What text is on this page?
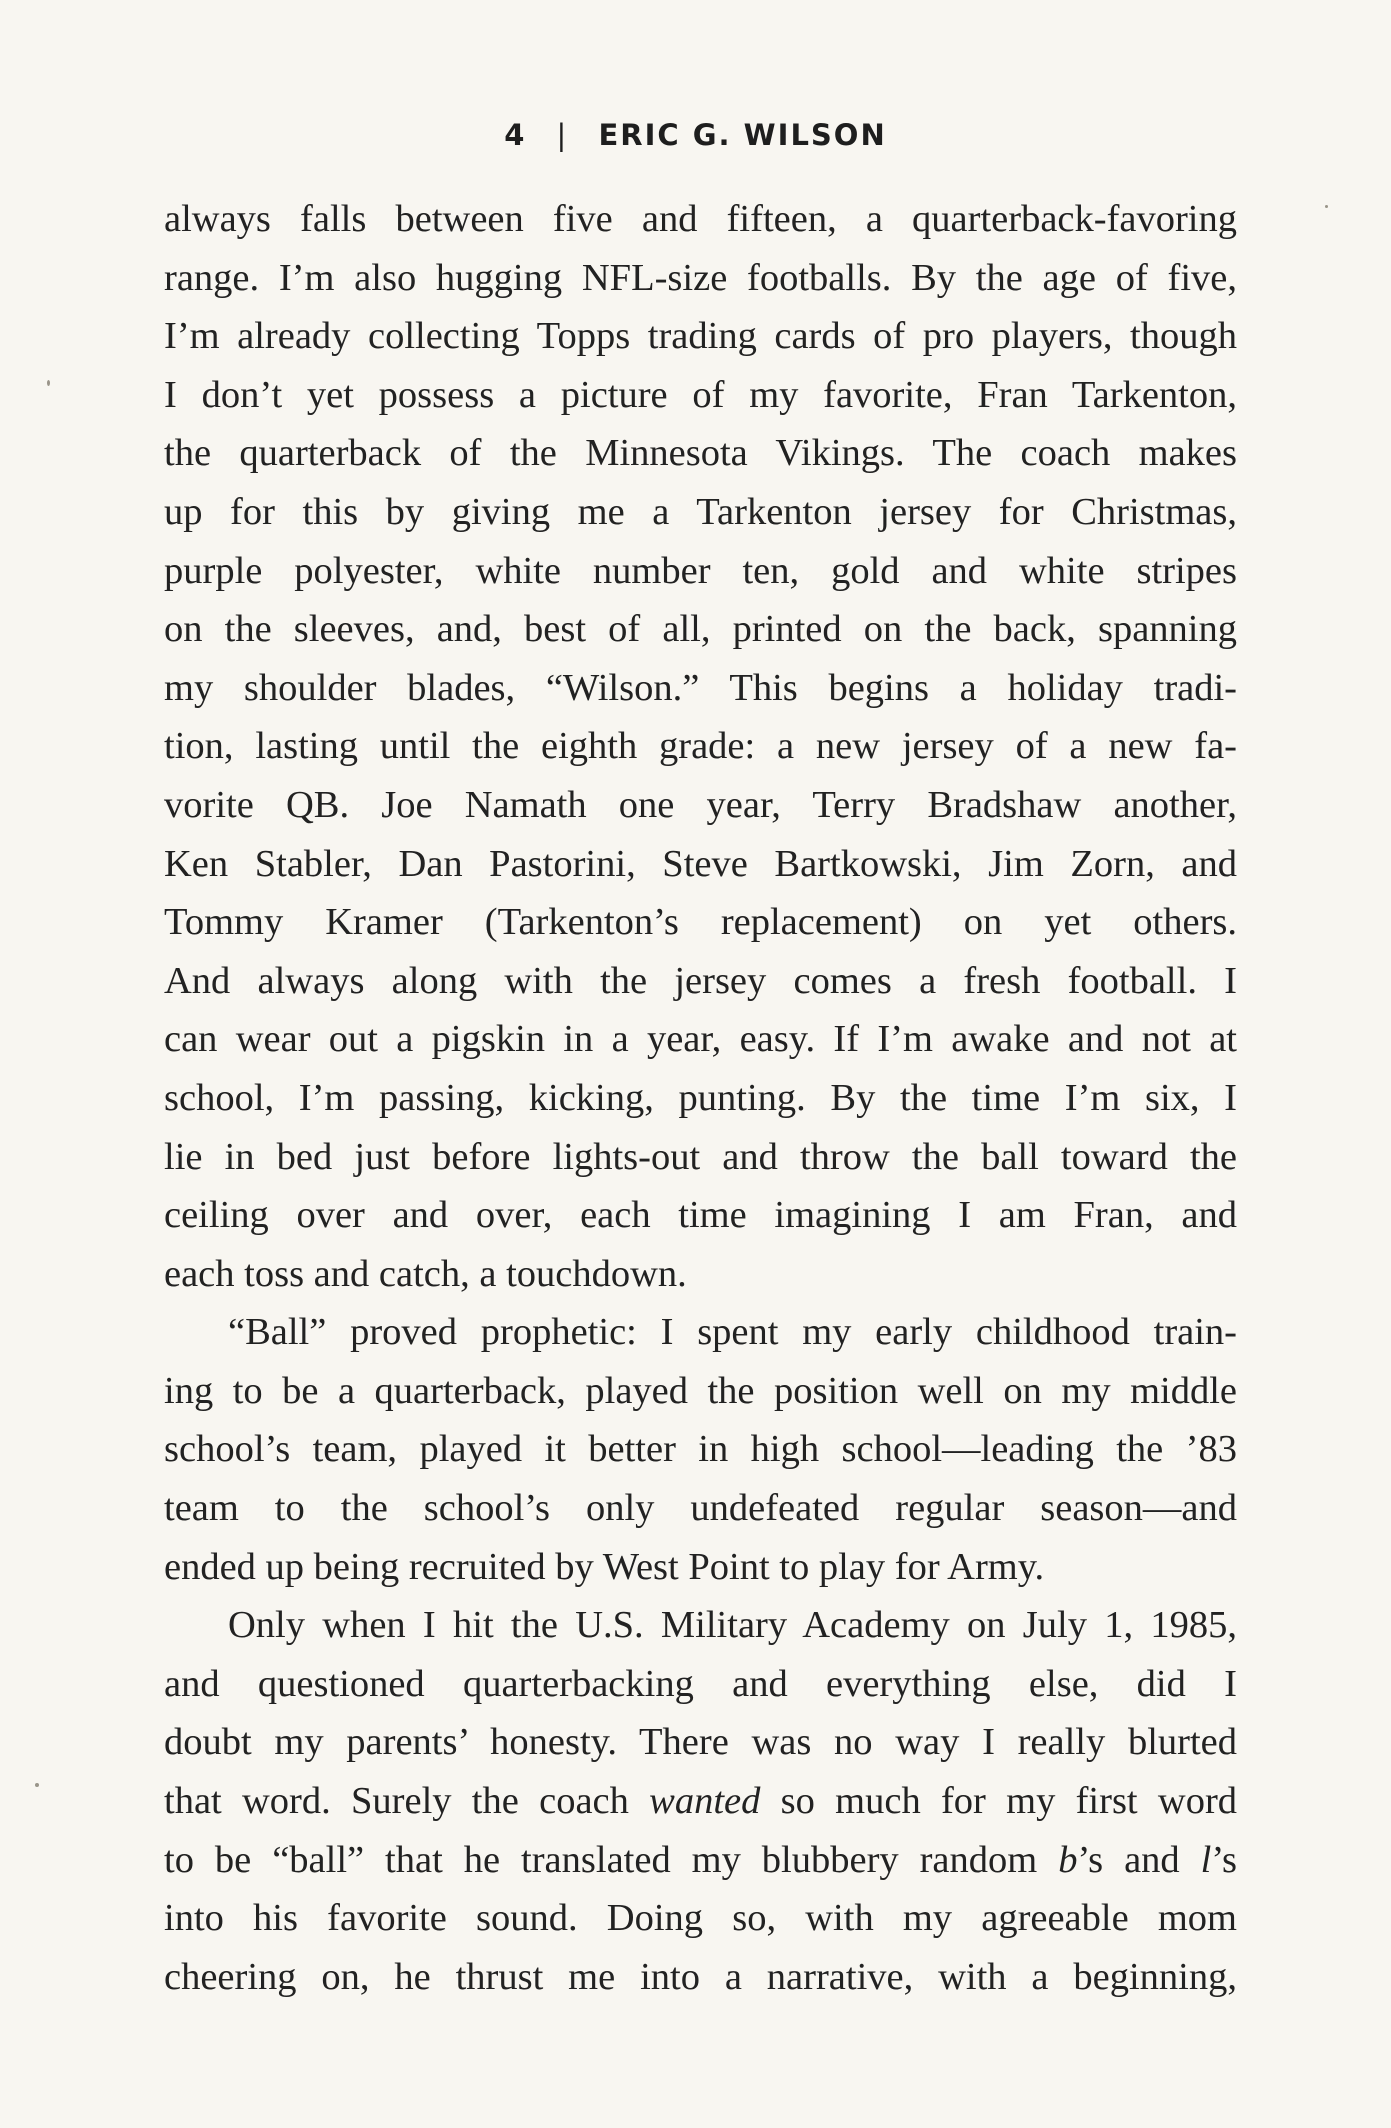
4 | ERIC G. WILSON
always falls between five and fifteen, a quarterback-favoring
range. I’m also hugging NFL-size footballs. By the age of five,
I’m already collecting Topps trading cards of pro players, though
I don’t yet possess a picture of my favorite, Fran Tarkenton,
the quarterback of the Minnesota Vikings. The coach makes
up for this by giving me a Tarkenton jersey for Christmas,
purple polyester, white number ten, gold and white stripes
on the sleeves, and, best of all, printed on the back, spanning
my shoulder blades, “Wilson.” This begins a holiday tradi-
tion, lasting until the eighth grade: a new jersey of a new fa-
vorite QB. Joe Namath one year, Terry Bradshaw another,
Ken Stabler, Dan Pastorini, Steve Bartkowski, Jim Zorn, and
Tommy Kramer (Tarkenton’s replacement) on yet others.
And always along with the jersey comes a fresh football. I
can wear out a pigskin in a year, easy. If I’m awake and not at
school, I’m passing, kicking, punting. By the time I’m six, I
lie in bed just before lights-out and throw the ball toward the
ceiling over and over, each time imagining I am Fran, and
each toss and catch, a touchdown.
“Ball” proved prophetic: I spent my early childhood train-
ing to be a quarterback, played the position well on my middle
school’s team, played it better in high school—leading the ’83
team to the school’s only undefeated regular season—and
ended up being recruited by West Point to play for Army.
Only when I hit the U.S. Military Academy on July 1, 1985,
and questioned quarterbacking and everything else, did I
doubt my parents’ honesty. There was no way I really blurted
that word. Surely the coach wanted so much for my first word
to be “ball” that he translated my blubbery random b’s and l’s
into his favorite sound. Doing so, with my agreeable mom
cheering on, he thrust me into a narrative, with a beginning,
